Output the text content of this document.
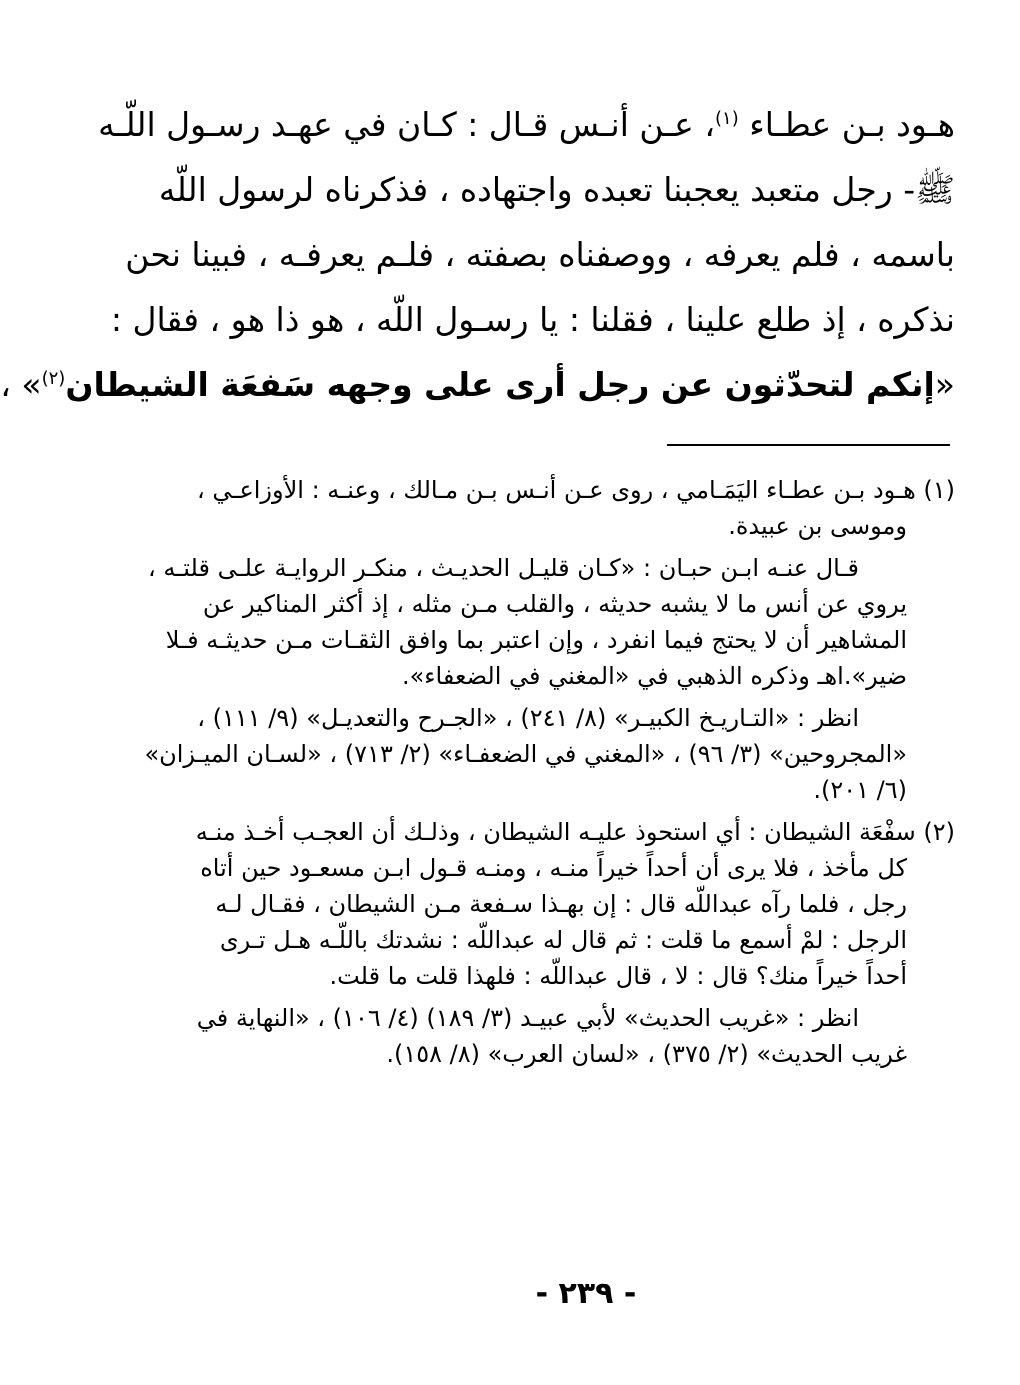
هـود بـن عطـاء $^{(١)}$، عـن أنـس قـال : كـان في عهـد رسـول اللّـه
ﷺ- رجل متعبد يعجبنا تعبده واجتهاده ، فذكرناه لرسول اللّه
باسمه ، فلم يعرفه ، ووصفناه بصفته ، فلـم يعرفـه ، فبينا نحن
نذكره ، إذ طلع علينا ، فقلنا : يا رسـول اللّه ، هو ذا هو ، فقال :
«إنكم لتحدّثون عن رجل أرى على وجهه سَفعَة الشيطان$^{(٢)}$» ،
(١) هـود بـن عطـاء اليَمَـامي ، روى عـن أنـس بـن مـالك ، وعنـه : الأوزاعـي ،
وموسى بن عبيدة.
قـال عنـه ابـن حبـان : «كـان قليـل الحديـث ، منكـر الروايـة علـى قلتـه ،
يروي عن أنس ما لا يشبه حديثه ، والقلب مـن مثله ، إذ أكثر المناكير عن
المشاهير أن لا يحتج فيما انفرد ، وإن اعتبر بما وافق الثقـات مـن حديثـه فـلا
ضير».اهـ وذكره الذهبي في «المغني في الضعفاء».
انظر : «التـاريـخ الكبيـر» (٨/ ٢٤١) ، «الجـرح والتعديـل» (٩/ ١١١) ،
«المجروحين» (٣/ ٩٦) ، «المغني في الضعفـاء» (٢/ ٧١٣) ، «لسـان الميـزان»
(٦/ ٢٠١).
(٢) سفْعَة الشيطان : أي استحوذ عليـه الشيطان ، وذلـك أن العجـب أخـذ منـه
كل مأخذ ، فلا يرى أن أحداً خيراً منـه ، ومنـه قـول ابـن مسعـود حين أتاه
رجل ، فلما رآه عبداللّه قال : إن بهـذا سـفعة مـن الشيطان ، فقـال لـه
الرجل : لمْ أسمع ما قلت : ثم قال له عبداللّه : نشدتك باللّـه هـل تـرى
أحداً خيراً منك؟ قال : لا ، قال عبداللّه : فلهذا قلت ما قلت.
انظر : «غريب الحديث» لأبي عبيـد (٣/ ١٨٩) (٤/ ١٠٦) ، «النهاية في
غريب الحديث» (٢/ ٣٧٥) ، «لسان العرب» (٨/ ١٥٨).
- ٢٣٩ -
